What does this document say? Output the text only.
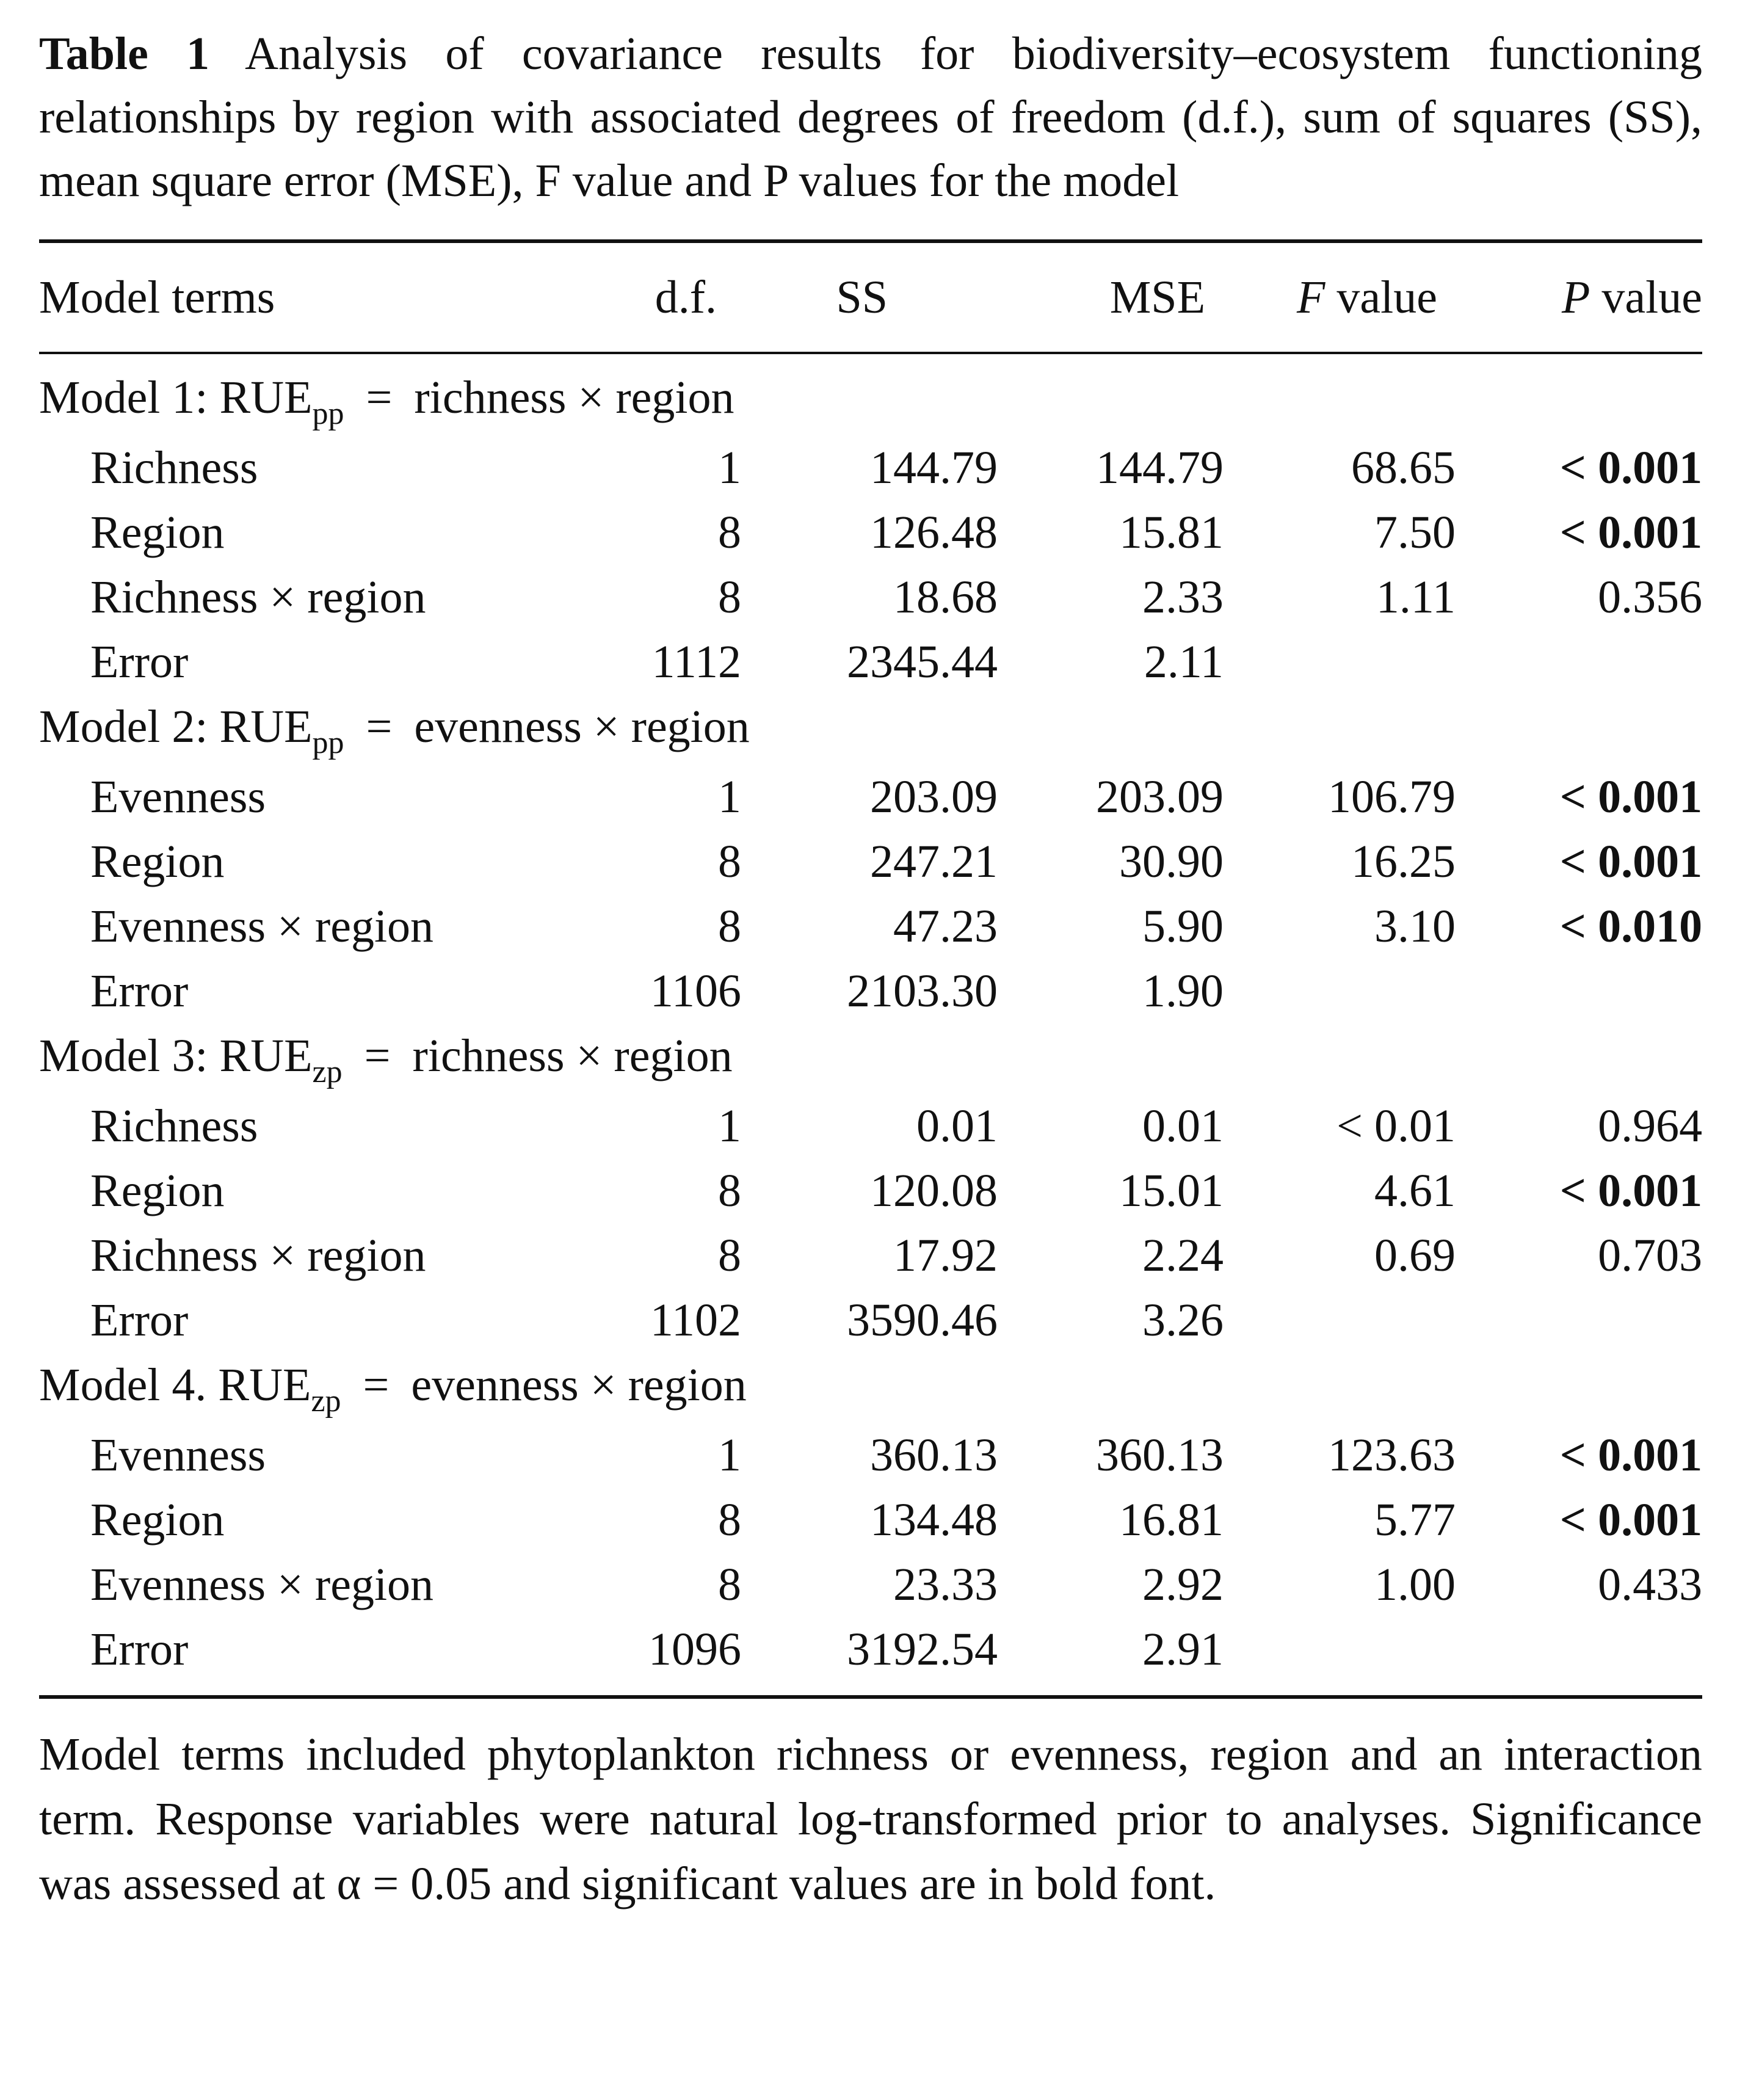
Table 1 Analysis of covariance results for biodiversity–ecosystem functioning relationships by region with associated degrees of freedom (d.f.), sum of squares (SS), mean square error (MSE), F value and P values for the model

Model terms	d.f.	SS	MSE	F value	P value
Model 1: $RUE_{pp}$ = richness × region					
Richness	1	144.79	144.79	68.65	< 0.001
Region	8	126.48	15.81	7.50	< 0.001
Richness × region	8	18.68	2.33	1.11	0.356
Error	1112	2345.44	2.11		
Model 2: $RUE_{pp}$ = evenness × region					
Evenness	1	203.09	203.09	106.79	< 0.001
Region	8	247.21	30.90	16.25	< 0.001
Evenness × region	8	47.23	5.90	3.10	< 0.010
Error	1106	2103.30	1.90		
Model 3: $RUE_{zp}$ = richness × region					
Richness	1	0.01	0.01	< 0.01	0.964
Region	8	120.08	15.01	4.61	< 0.001
Richness × region	8	17.92	2.24	0.69	0.703
Error	1102	3590.46	3.26		
Model 4. $RUE_{zp}$ = evenness × region					
Evenness	1	360.13	360.13	123.63	< 0.001
Region	8	134.48	16.81	5.77	< 0.001
Evenness × region	8	23.33	2.92	1.00	0.433
Error	1096	3192.54	2.91		

Model terms included phytoplankton richness or evenness, region and an interaction term. Response variables were natural log-transformed prior to analyses. Significance was assessed at α = 0.05 and significant values are in bold font.
